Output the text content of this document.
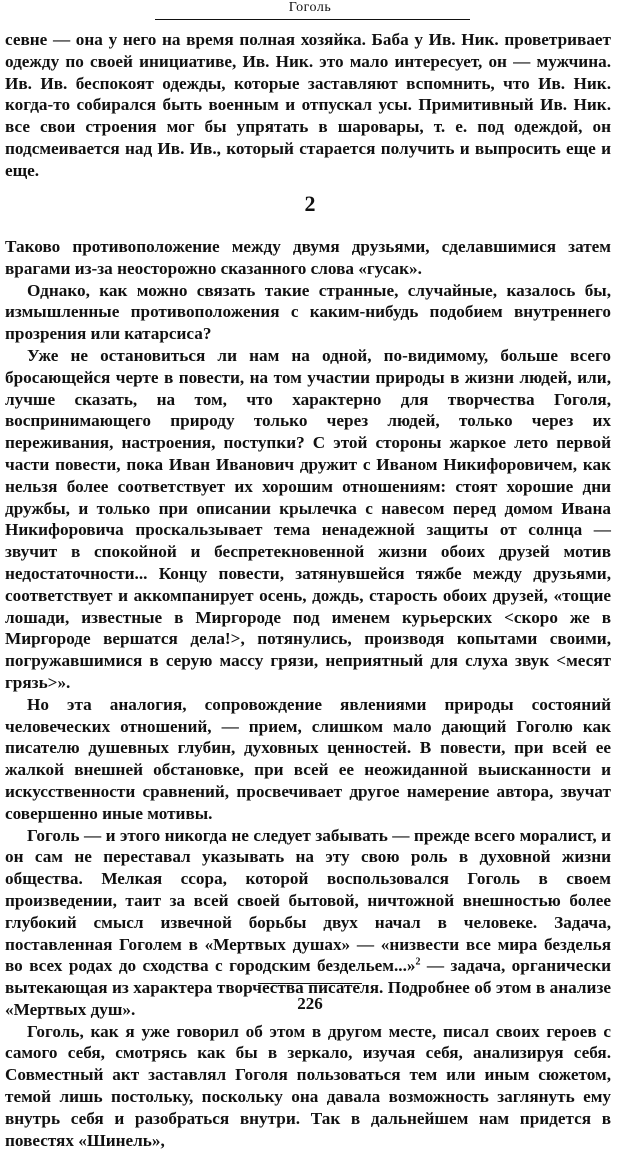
Гоголь

севне — она у него на время полная хозяйка. Баба у Ив. Ник. проветривает одежду по своей инициативе, Ив. Ник. это мало интересует, он — мужчина. Ив. Ив. беспокоят одежды, которые заставляют вспомнить, что Ив. Ник. когда-то собирался быть военным и отпускал усы. Примитивный Ив. Ник. все свои строения мог бы упрятать в шаровары, т. е. под одеждой, он подсмеивается над Ив. Ив., который старается получить и выпросить еще и еще.

2

Таково противоположение между двумя друзьями, сделавшимися затем врагами из-за неосторожно сказанного слова «гусак».

Однако, как можно связать такие странные, случайные, казалось бы, измышленные противоположения с каким-нибудь подобием внутреннего прозрения или катарсиса?

Уже не остановиться ли нам на одной, по-видимому, больше всего бросающейся черте в повести, на том участии природы в жизни людей, или, лучше сказать, на том, что характерно для творчества Гоголя, воспринимающего природу только через людей, только через их переживания, настроения, поступки? С этой стороны жаркое лето первой части повести, пока Иван Иванович дружит с Иваном Никифоровичем, как нельзя более соответствует их хорошим отношениям: стоят хорошие дни дружбы, и только при описании крылечка с навесом перед домом Ивана Никифоровича проскальзывает тема ненадежной защиты от солнца — звучит в спокойной и беспретекновенной жизни обоих друзей мотив недостаточности... Концу повести, затянувшейся тяжбе между друзьями, соответствует и аккомпанирует осень, дождь, старость обоих друзей, «тощие лошади, известные в Миргороде под именем курьерских <скоро же в Миргороде вершатся дела!>, потянулись, производя копытами своими, погружавшимися в серую массу грязи, неприятный для слуха звук <месят грязь>».

Но эта аналогия, сопровождение явлениями природы состояний человеческих отношений, — прием, слишком мало дающий Гоголю как писателю душевных глубин, духовных ценностей. В повести, при всей ее жалкой внешней обстановке, при всей ее неожиданной выисканности и искусственности сравнений, просвечивает другое намерение автора, звучат совершенно иные мотивы.

Гоголь — и этого никогда не следует забывать — прежде всего моралист, и он сам не переставал указывать на эту свою роль в духовной жизни общества. Мелкая ссора, которой воспользовался Гоголь в своем произведении, таит за всей своей бытовой, ничтожной внешностью более глубокий смысл извечной борьбы двух начал в человеке. Задача, поставленная Гоголем в «Мертвых душах» — «низвести все мира безделья во всех родах до сходства с городским бездельем...»$^2$ — задача, органически вытекающая из характера творчества писателя. Подробнее об этом в анализе «Мертвых душ».

Гоголь, как я уже говорил об этом в другом месте, писал своих героев с самого себя, смотрясь как бы в зеркало, изучая себя, анализируя себя. Совместный акт заставлял Гоголя пользоваться тем или иным сюжетом, темой лишь постольку, поскольку она давала возможность заглянуть ему внутрь себя и разобраться внутри. Так в дальнейшем нам придется в повестях «Шинель»,

226
